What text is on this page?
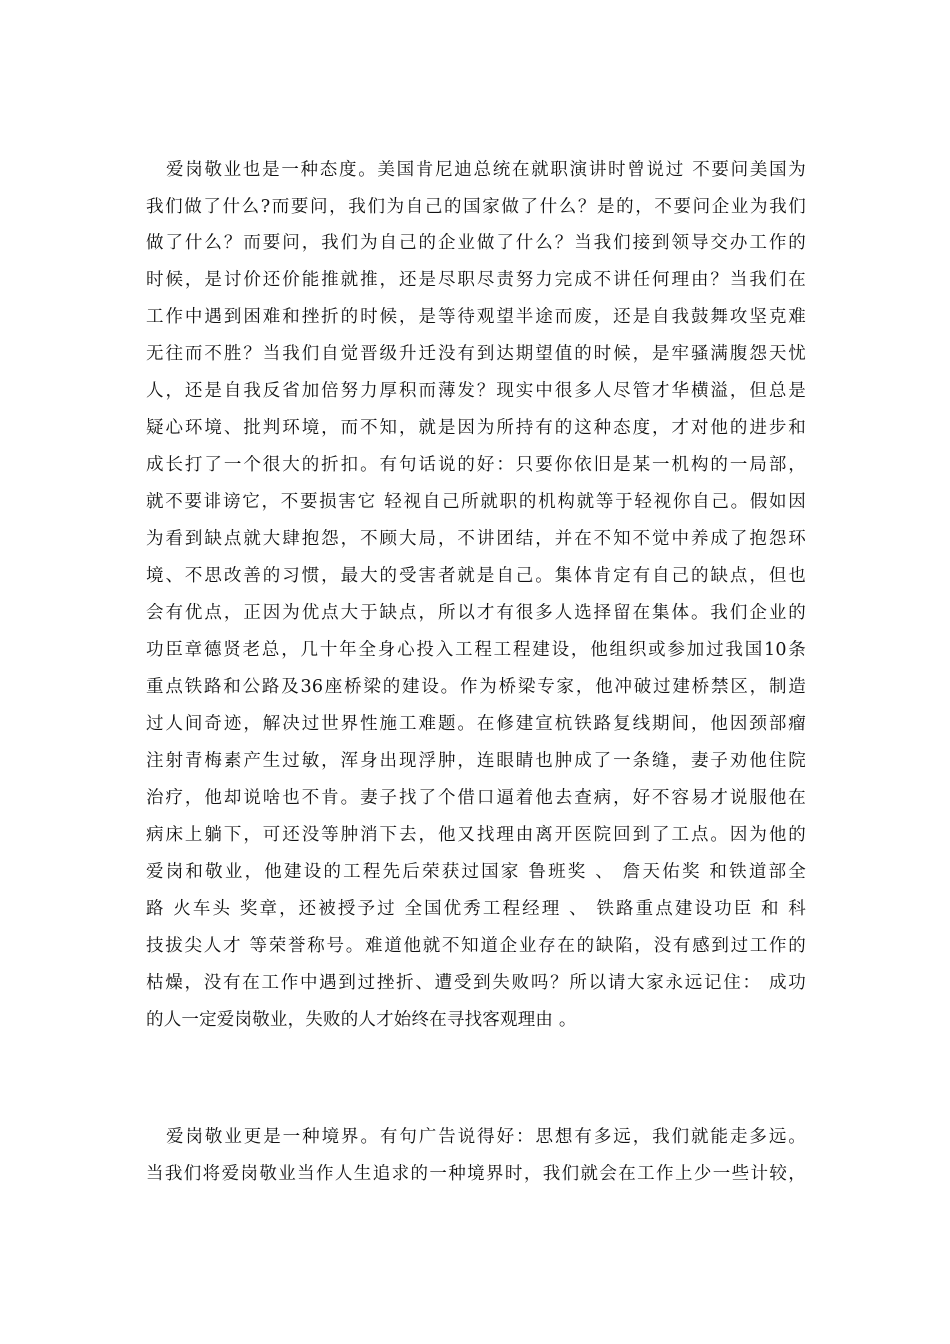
爱岗敬业也是一种态度。美国肯尼迪总统在就职演讲时曾说过 不要问美国为
我们做了什么?而要问，我们为自己的国家做了什么？是的，不要问企业为我们
做了什么？而要问，我们为自己的企业做了什么？当我们接到领导交办工作的
时候，是讨价还价能推就推，还是尽职尽责努力完成不讲任何理由？当我们在
工作中遇到困难和挫折的时候，是等待观望半途而废，还是自我鼓舞攻坚克难
无往而不胜？当我们自觉晋级升迁没有到达期望值的时候，是牢骚满腹怨天忧
人，还是自我反省加倍努力厚积而薄发？现实中很多人尽管才华横溢，但总是
疑心环境、批判环境，而不知，就是因为所持有的这种态度，才对他的进步和
成长打了一个很大的折扣。有句话说的好：只要你依旧是某一机构的一局部，
就不要诽谤它，不要损害它 轻视自己所就职的机构就等于轻视你自己。假如因
为看到缺点就大肆抱怨，不顾大局，不讲团结，并在不知不觉中养成了抱怨环
境、不思改善的习惯，最大的受害者就是自己。集体肯定有自己的缺点，但也
会有优点，正因为优点大于缺点，所以才有很多人选择留在集体。我们企业的
功臣章德贤老总，几十年全身心投入工程工程建设，他组织或参加过我国10条
重点铁路和公路及36座桥梁的建设。作为桥梁专家，他冲破过建桥禁区，制造
过人间奇迹，解决过世界性施工难题。在修建宣杭铁路复线期间，他因颈部瘤
注射青梅素产生过敏，浑身出现浮肿，连眼睛也肿成了一条缝，妻子劝他住院
治疗，他却说啥也不肯。妻子找了个借口逼着他去查病，好不容易才说服他在
病床上躺下，可还没等肿消下去，他又找理由离开医院回到了工点。因为他的
爱岗和敬业，他建设的工程先后荣获过国家 鲁班奖 、 詹天佑奖 和铁道部全
路 火车头 奖章，还被授予过 全国优秀工程经理 、 铁路重点建设功臣 和 科
技拔尖人才 等荣誉称号。难道他就不知道企业存在的缺陷，没有感到过工作的
枯燥，没有在工作中遇到过挫折、遭受到失败吗？所以请大家永远记住： 成功
的人一定爱岗敬业，失败的人才始终在寻找客观理由 。
爱岗敬业更是一种境界。有句广告说得好：思想有多远，我们就能走多远。
当我们将爱岗敬业当作人生追求的一种境界时，我们就会在工作上少一些计较，
